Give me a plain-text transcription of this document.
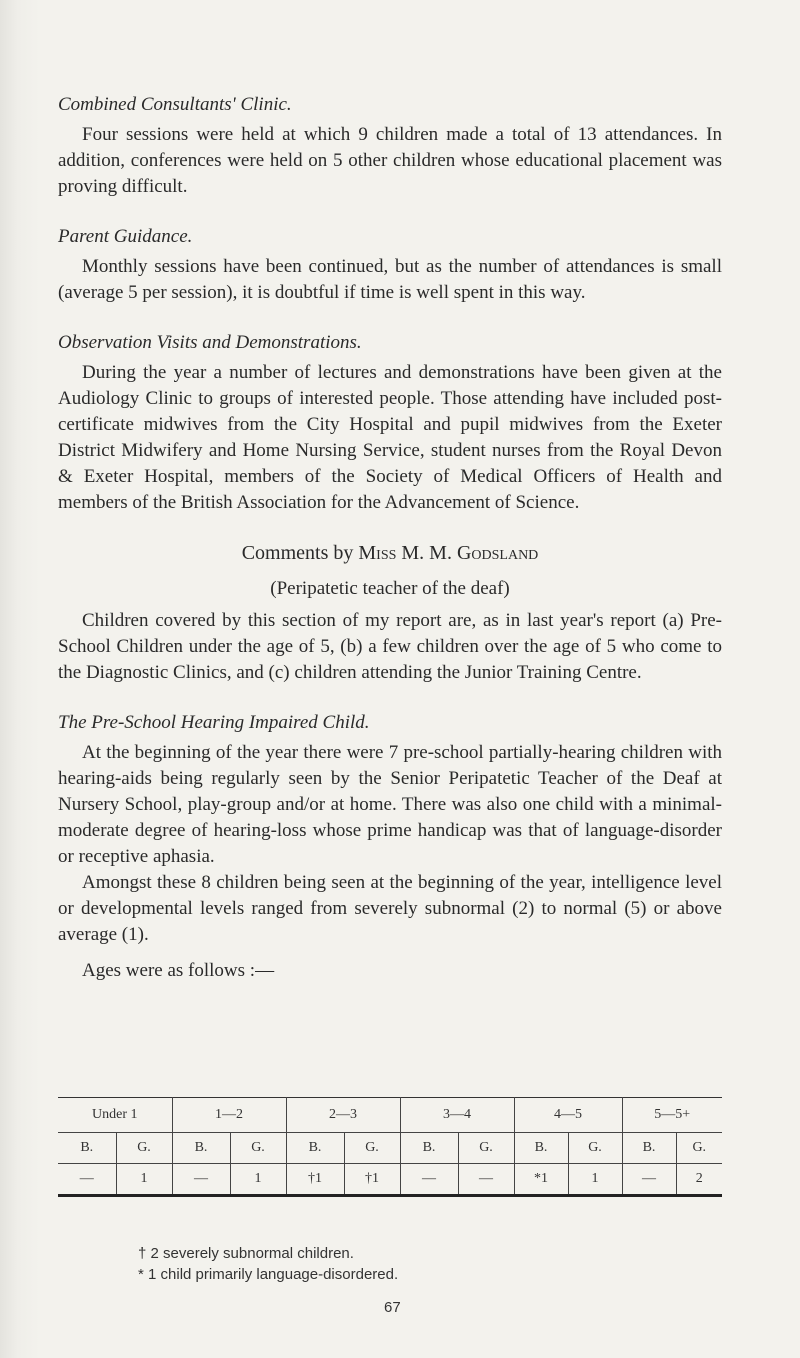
Combined Consultants' Clinic.

Four sessions were held at which 9 children made a total of 13 attendances. In addition, conferences were held on 5 other children whose educational placement was proving difficult.

Parent Guidance.

Monthly sessions have been continued, but as the number of attendances is small (average 5 per session), it is doubtful if time is well spent in this way.

Observation Visits and Demonstrations.

During the year a number of lectures and demonstrations have been given at the Audiology Clinic to groups of interested people. Those attending have included post-certificate midwives from the City Hospital and pupil midwives from the Exeter District Midwifery and Home Nursing Service, student nurses from the Royal Devon & Exeter Hospital, members of the Society of Medical Officers of Health and members of the British Association for the Advancement of Science.

Comments by Miss M. M. Godsland
(Peripatetic teacher of the deaf)

Children covered by this section of my report are, as in last year's report (a) Pre-School Children under the age of 5, (b) a few children over the age of 5 who come to the Diagnostic Clinics, and (c) children attending the Junior Training Centre.

The Pre-School Hearing Impaired Child.

At the beginning of the year there were 7 pre-school partially-hearing children with hearing-aids being regularly seen by the Senior Peripatetic Teacher of the Deaf at Nursery School, play-group and/or at home. There was also one child with a minimal-moderate degree of hearing-loss whose prime handicap was that of language-disorder or receptive aphasia.

Amongst these 8 children being seen at the beginning of the year, intelligence level or developmental levels ranged from severely subnormal (2) to normal (5) or above average (1).

Ages were as follows :—

Under 1		1—2		2—3		3—4		4—5		5—5+	
B.	G.	B.	G.	B.	G.	B.	G.	B.	G.	B.	G.
—	1	—	1	†1	†1	—	—	*1	1	—	2
† 2 severely subnormal children.
* 1 child primarily language-disordered.
67
